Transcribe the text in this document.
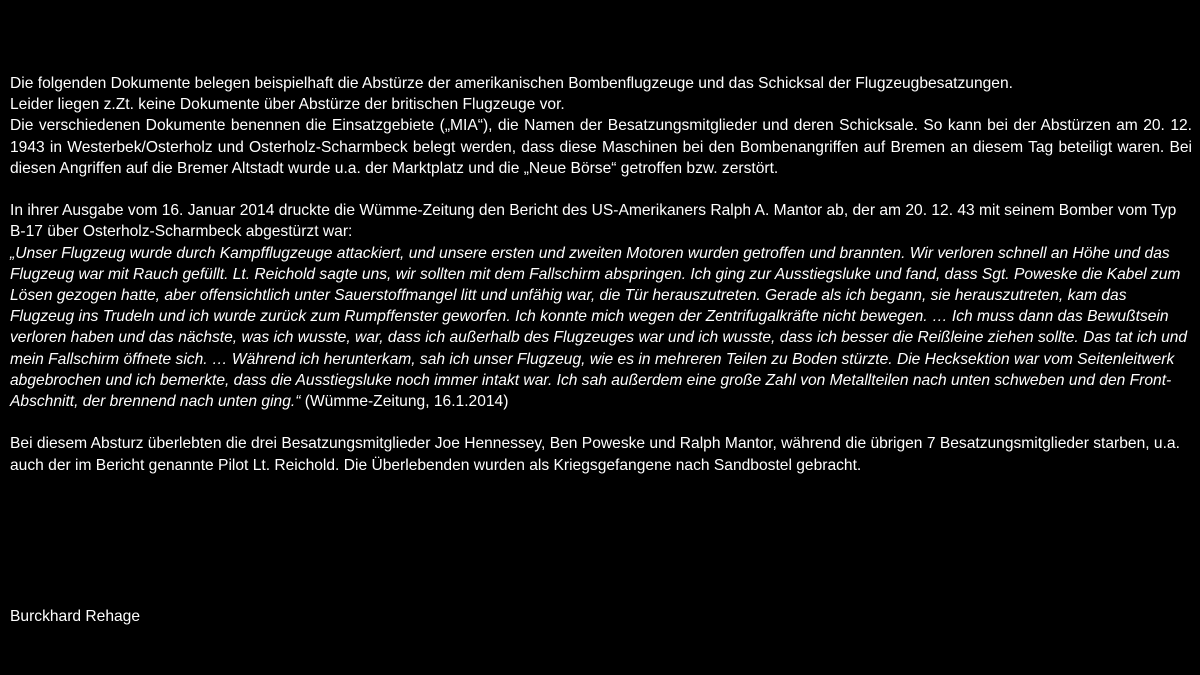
Die folgenden Dokumente belegen beispielhaft die Abstürze der amerikanischen Bombenflugzeuge und das Schicksal der Flugzeugbesatzungen.

Leider liegen z.Zt. keine Dokumente über Abstürze der britischen Flugzeuge vor.

Die verschiedenen Dokumente benennen die Einsatzgebiete („MIA“), die Namen der Besatzungsmitglieder und deren Schicksale. So kann bei der Abstürzen am 20. 12. 1943 in Westerbek/Osterholz und Osterholz-Scharmbeck belegt werden, dass diese Maschinen bei den Bombenangriffen auf Bremen an diesem Tag beteiligt waren. Bei diesen Angriffen auf die Bremer Altstadt wurde u.a. der Marktplatz und die „Neue Börse“ getroffen bzw. zerstört.

In ihrer Ausgabe vom 16. Januar 2014 druckte die Wümme-Zeitung den Bericht des US-Amerikaners Ralph A. Mantor ab, der am 20. 12. 43 mit seinem Bomber vom Typ B-17 über Osterholz-Scharmbeck abgestürzt war:

„Unser Flugzeug wurde durch Kampfflugzeuge attackiert, und unsere ersten und zweiten Motoren wurden getroffen und brannten. Wir verloren schnell an Höhe und das Flugzeug war mit Rauch gefüllt. Lt. Reichold sagte uns, wir sollten mit dem Fallschirm abspringen. Ich ging zur Ausstiegsluke und fand, dass Sgt. Poweske die Kabel zum Lösen gezogen hatte, aber offensichtlich unter Sauerstoffmangel litt und unfähig war, die Tür herauszutreten. Gerade als ich begann, sie herauszutreten, kam das Flugzeug ins Trudeln und ich wurde zurück zum Rumpffenster geworfen. Ich konnte mich wegen der Zentrifugalkräfte nicht bewegen. … Ich muss dann das Bewußtsein verloren haben und das nächste, was ich wusste, war, dass ich außerhalb des Flugzeuges war und ich wusste, dass ich besser die Reißleine ziehen sollte. Das tat ich und mein Fallschirm öffnete sich. … Während ich herunterkam, sah ich unser Flugzeug, wie es in mehreren Teilen zu Boden stürzte. Die Hecksektion war vom Seitenleitwerk abgebrochen und ich bemerkte, dass die Ausstiegsluke noch immer intakt war. Ich sah außerdem eine große Zahl von Metallteilen nach unten schweben und den Front-Abschnitt, der brennend nach unten ging.“ (Wümme-Zeitung, 16.1.2014)

Bei diesem Absturz überlebten die drei Besatzungsmitglieder Joe Hennessey, Ben Poweske und Ralph Mantor, während die übrigen 7 Besatzungsmitglieder starben, u.a. auch der im Bericht genannte Pilot Lt. Reichold. Die Überlebenden wurden als Kriegsgefangene nach Sandbostel gebracht.

Burckhard Rehage
